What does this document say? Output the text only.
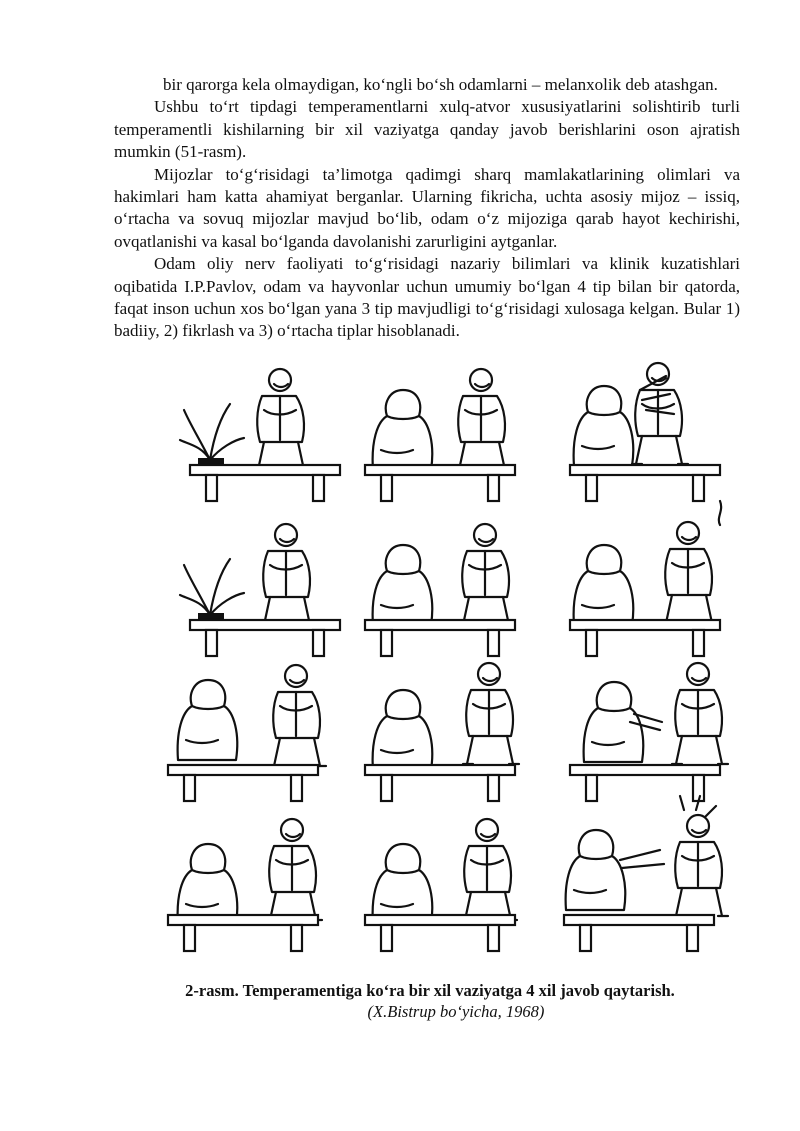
bir qarorga kela olmaydigan, ko‘ngli bo‘sh odamlarni – melanxolik deb atashgan.

Ushbu to‘rt tipdagi temperamentlarni xulq-atvor xususiyatlarini solishtirib turli temperamentli kishilarning bir xil vaziyatga qanday javob berishlarini oson ajratish mumkin (51-rasm).

Mijozlar to‘g‘risidagi ta’limotga qadimgi sharq mamlakatlarining olimlari va hakimlari ham katta ahamiyat berganlar. Ularning fikricha, uchta asosiy mijoz – issiq, o‘rtacha va sovuq mijozlar mavjud bo‘lib, odam o‘z mijoziga qarab hayot kechirishi, ovqatlanishi va kasal bo‘lganda davolanishi zarurligini aytganlar.

Odam oliy nerv faoliyati to‘g‘risidagi nazariy bilimlari va klinik kuzatishlari oqibatida I.P.Pavlov, odam va hayvonlar uchun umumiy bo‘lgan 4 tip bilan bir qatorda, faqat inson uchun xos bo‘lgan yana 3 tip mavjudligi to‘g‘risidagi xulosaga kelgan. Bular 1) badiiy, 2) fikrlash va 3) o‘rtacha tiplar hisoblanadi.

2-rasm. Temperamentiga ko‘ra bir xil vaziyatga 4 xil javob qaytarish.
(X.Bistrup bo‘yicha, 1968)
